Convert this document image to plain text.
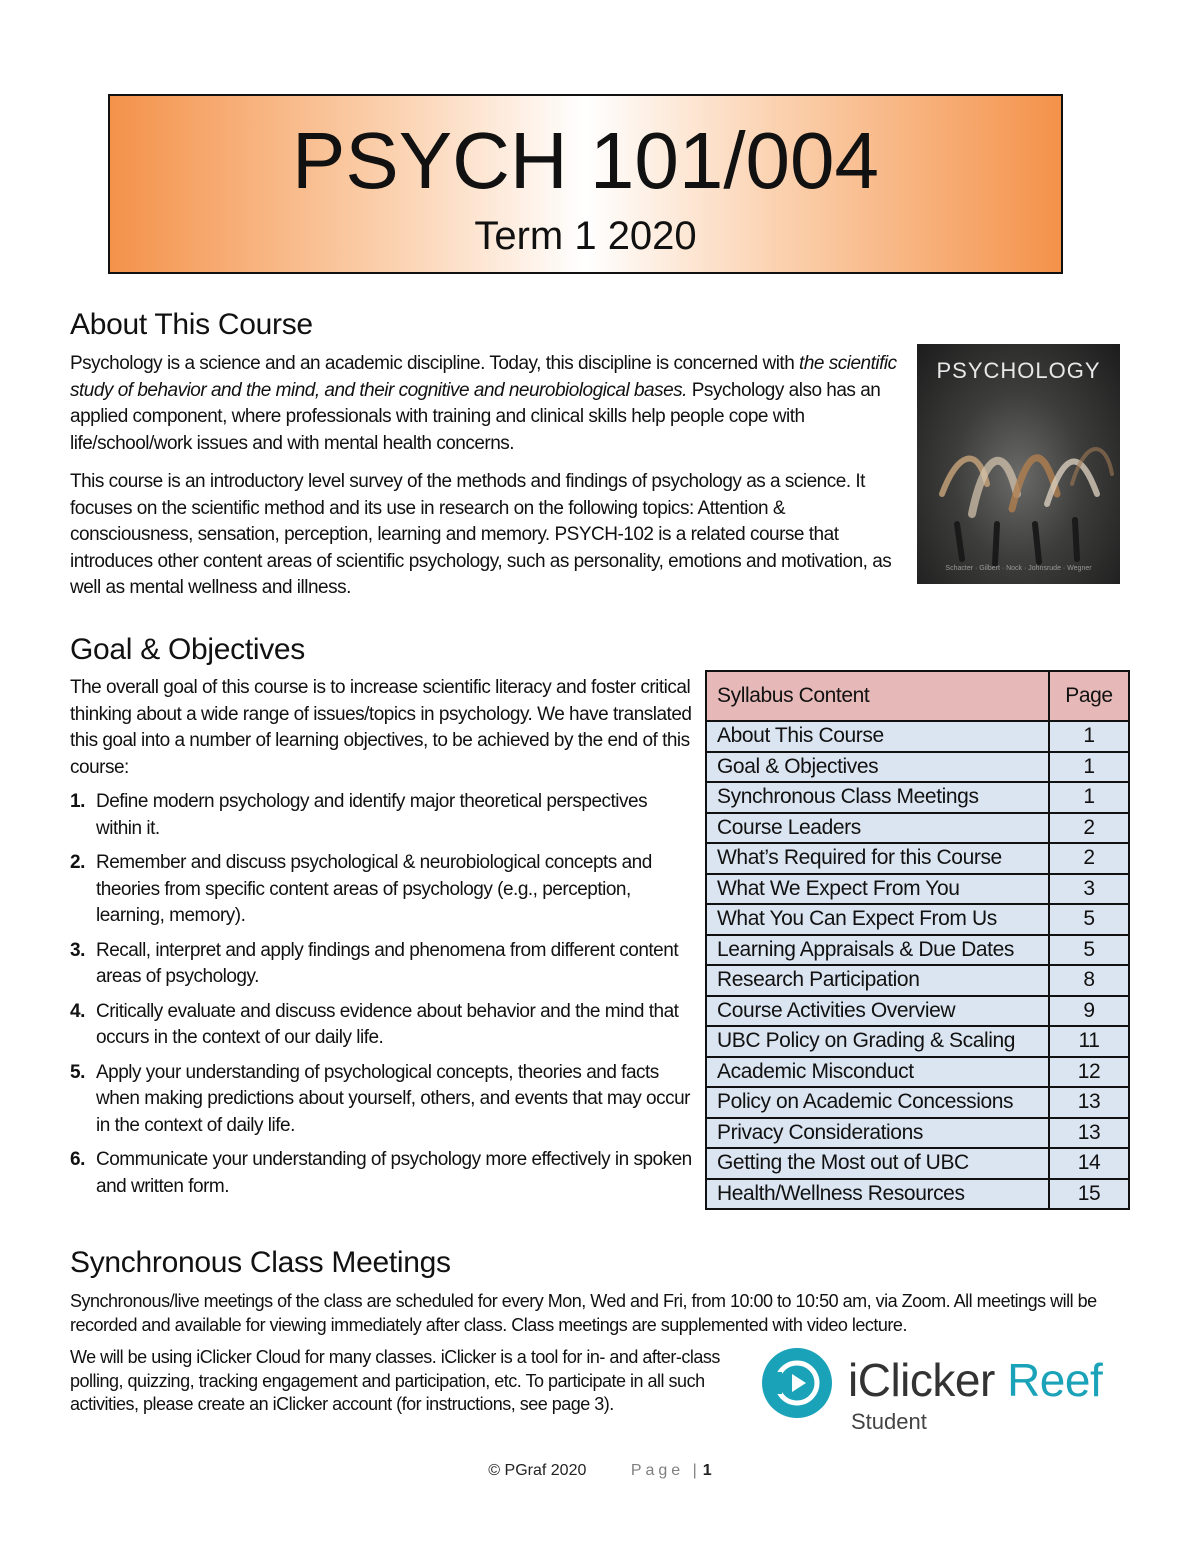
PSYCH 101/004
Term 1 2020
About This Course

Psychology is a science and an academic discipline. Today, this discipline is concerned with the scientific study of behavior and the mind, and their cognitive and neurobiological bases. Psychology also has an applied component, where professionals with training and clinical skills help people cope with life/school/work issues and with mental health concerns.

This course is an introductory level survey of the methods and findings of psychology as a science. It focuses on the scientific method and its use in research on the following topics: Attention & consciousness, sensation, perception, learning and memory. PSYCH-102 is a related course that introduces other content areas of scientific psychology, such as personality, emotions and motivation, as well as mental wellness and illness.

PSYCHOLOGY
Schacter · Gilbert · Nock · Johnsrude · Wegner
Goal & Objectives

The overall goal of this course is to increase scientific literacy and foster critical thinking about a wide range of issues/topics in psychology. We have translated this goal into a number of learning objectives, to be achieved by the end of this course:

1. Define modern psychology and identify major theoretical perspectives within it.
2. Remember and discuss psychological & neurobiological concepts and theories from specific content areas of psychology (e.g., perception, learning, memory).
3. Recall, interpret and apply findings and phenomena from different content areas of psychology.
4. Critically evaluate and discuss evidence about behavior and the mind that occurs in the context of our daily life.
5. Apply your understanding of psychological concepts, theories and facts when making predictions about yourself, others, and events that may occur in the context of daily life.
6. Communicate your understanding of psychology more effectively in spoken and written form.
Syllabus Content	Page
About This Course	1
Goal & Objectives	1
Synchronous Class Meetings	1
Course Leaders	2
What’s Required for this Course	2
What We Expect From You	3
What You Can Expect From Us	5
Learning Appraisals & Due Dates	5
Research Participation	8
Course Activities Overview	9
UBC Policy on Grading & Scaling	11
Academic Misconduct	12
Policy on Academic Concessions	13
Privacy Considerations	13
Getting the Most out of UBC	14
Health/Wellness Resources	15
Synchronous Class Meetings
Synchronous/live meetings of the class are scheduled for every Mon, Wed and Fri, from 10:00 to 10:50 am, via Zoom. All meetings will be recorded and available for viewing immediately after class. Class meetings are supplemented with video lecture.
We will be using iClicker Cloud for many classes. iClicker is a tool for in- and after-class polling, quizzing, tracking engagement and participation, etc. To participate in all such activities, please create an iClicker account (for instructions, see page 3).	iClicker Reef
Student
© PGraf 2020	Page | 1
